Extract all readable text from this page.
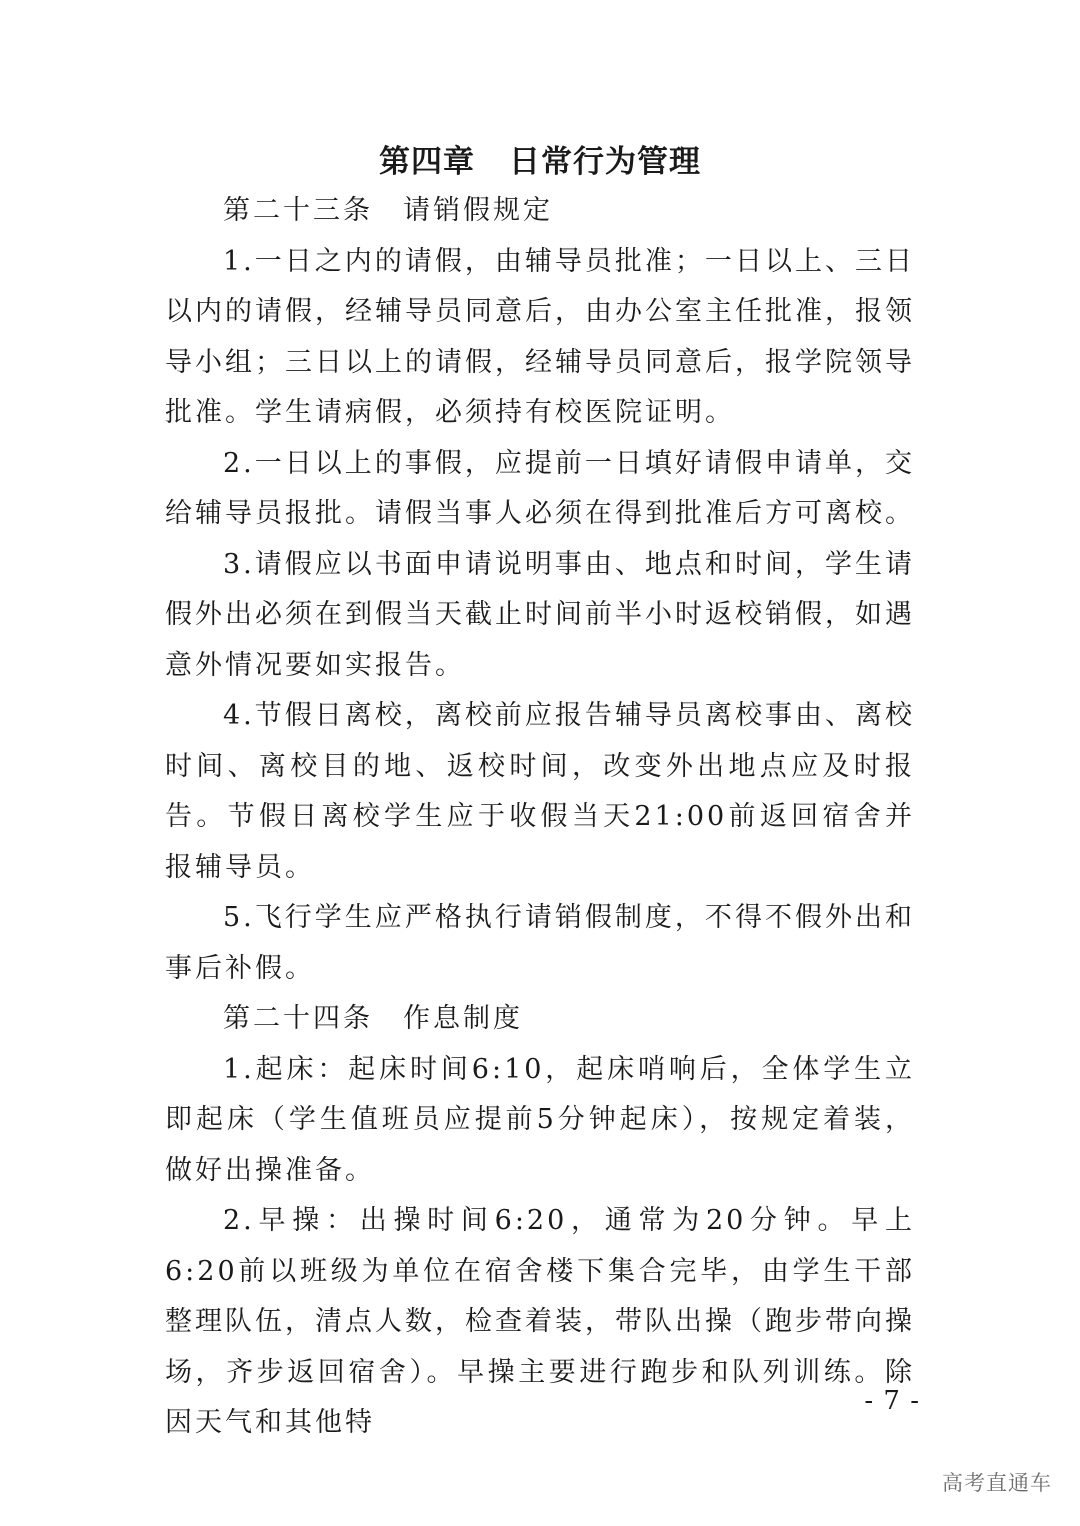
第四章 日常行为管理

第二十三条 请销假规定

1.一日之内的请假，由辅导员批准；一日以上、三日以内的请假，经辅导员同意后，由办公室主任批准，报领导小组；三日以上的请假，经辅导员同意后，报学院领导批准。学生请病假，必须持有校医院证明。

2.一日以上的事假，应提前一日填好请假申请单，交给辅导员报批。请假当事人必须在得到批准后方可离校。

3.请假应以书面申请说明事由、地点和时间，学生请假外出必须在到假当天截止时间前半小时返校销假，如遇意外情况要如实报告。

4.节假日离校，离校前应报告辅导员离校事由、离校时间、离校目的地、返校时间，改变外出地点应及时报告。节假日离校学生应于收假当天21:00前返回宿舍并报辅导员。

5.飞行学生应严格执行请销假制度，不得不假外出和事后补假。

第二十四条 作息制度

1.起床：起床时间6:10，起床哨响后，全体学生立即起床（学生值班员应提前5分钟起床），按规定着装，做好出操准备。

2.早操：出操时间6:20，通常为20分钟。早上6:20前以班级为单位在宿舍楼下集合完毕，由学生干部整理队伍，清点人数，检查着装，带队出操（跑步带向操场，齐步返回宿舍）。早操主要进行跑步和队列训练。除因天气和其他特

- 7 -
高考直通车
